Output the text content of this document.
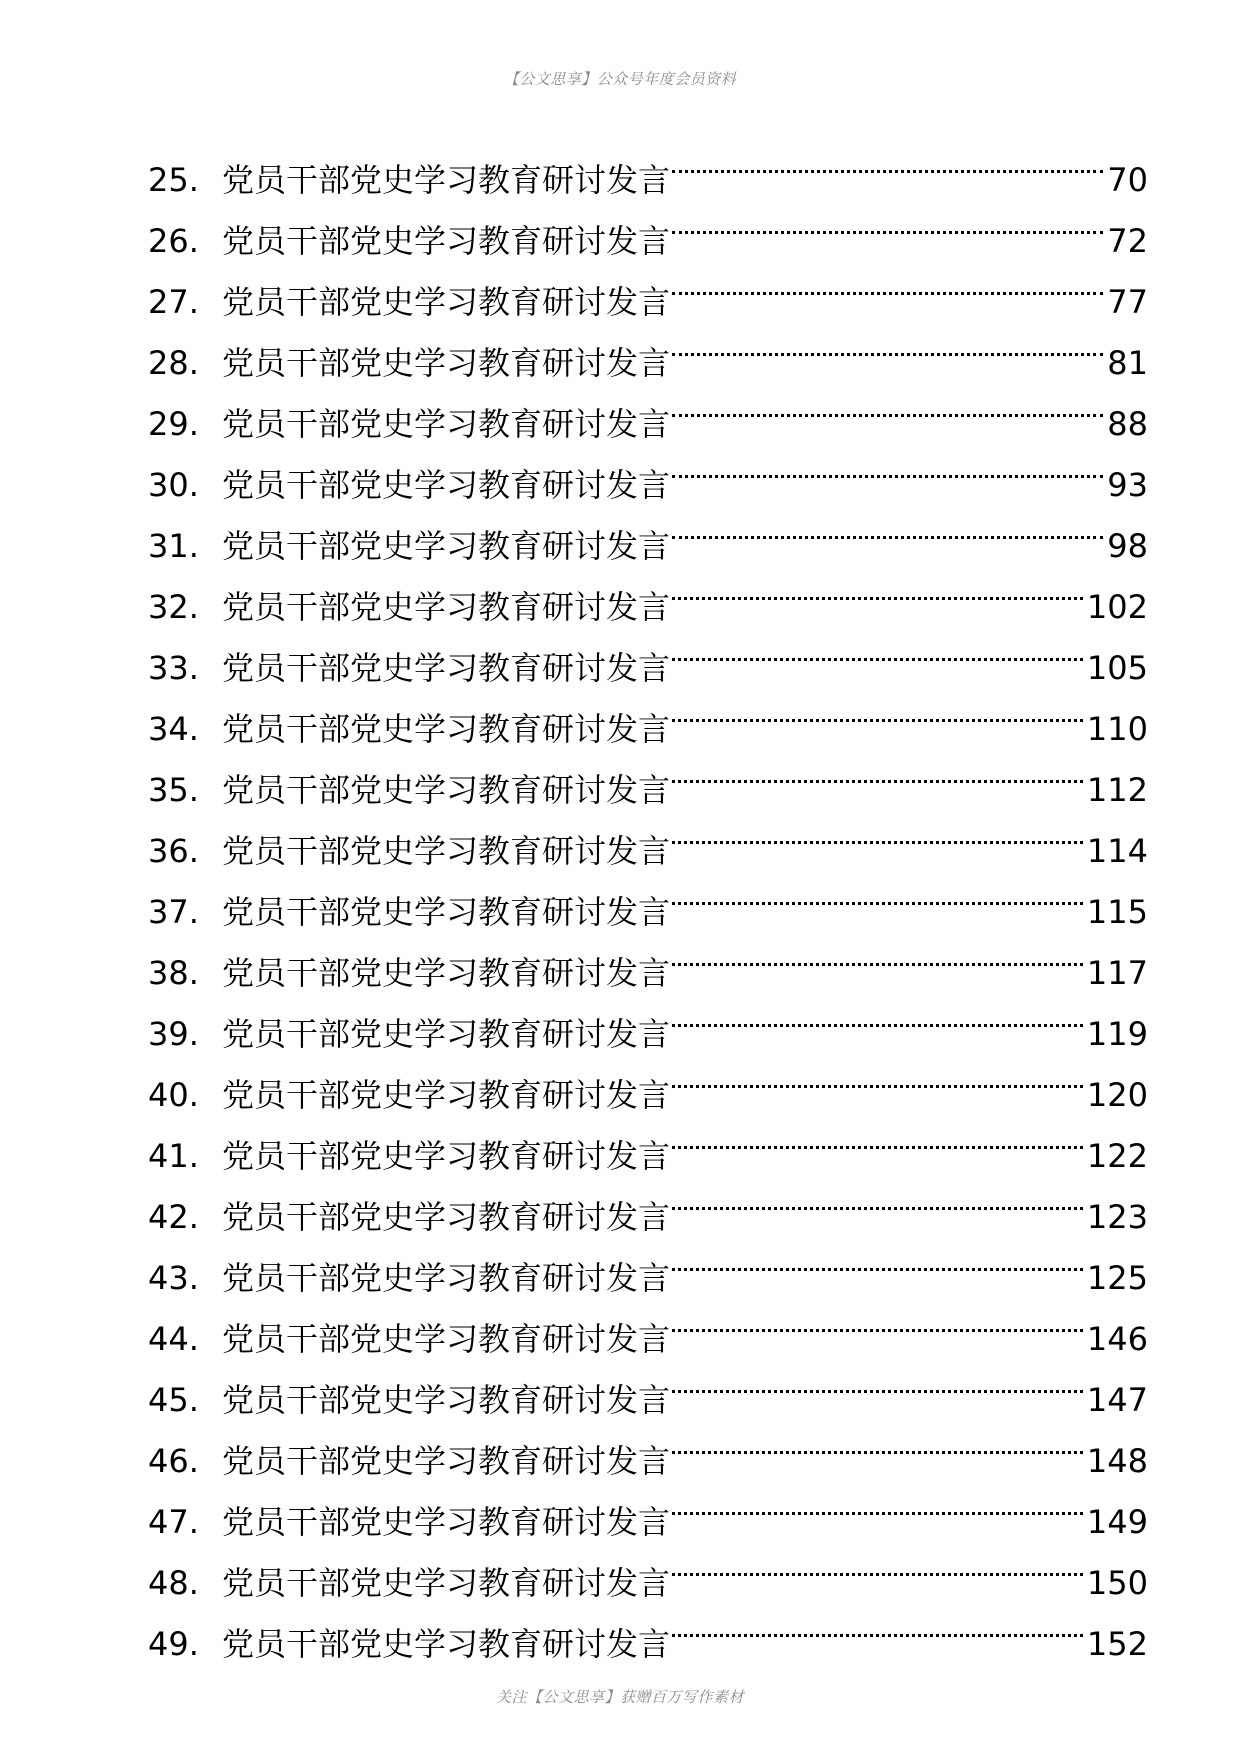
【公文思享】公众号年度会员资料
25. 党员干部党史学习教育研讨发言	70
26. 党员干部党史学习教育研讨发言	72
27. 党员干部党史学习教育研讨发言	77
28. 党员干部党史学习教育研讨发言	81
29. 党员干部党史学习教育研讨发言	88
30. 党员干部党史学习教育研讨发言	93
31. 党员干部党史学习教育研讨发言	98
32. 党员干部党史学习教育研讨发言	102
33. 党员干部党史学习教育研讨发言	105
34. 党员干部党史学习教育研讨发言	110
35. 党员干部党史学习教育研讨发言	112
36. 党员干部党史学习教育研讨发言	114
37. 党员干部党史学习教育研讨发言	115
38. 党员干部党史学习教育研讨发言	117
39. 党员干部党史学习教育研讨发言	119
40. 党员干部党史学习教育研讨发言	120
41. 党员干部党史学习教育研讨发言	122
42. 党员干部党史学习教育研讨发言	123
43. 党员干部党史学习教育研讨发言	125
44. 党员干部党史学习教育研讨发言	146
45. 党员干部党史学习教育研讨发言	147
46. 党员干部党史学习教育研讨发言	148
47. 党员干部党史学习教育研讨发言	149
48. 党员干部党史学习教育研讨发言	150
49. 党员干部党史学习教育研讨发言	152
关注【公文思享】获赠百万写作素材
